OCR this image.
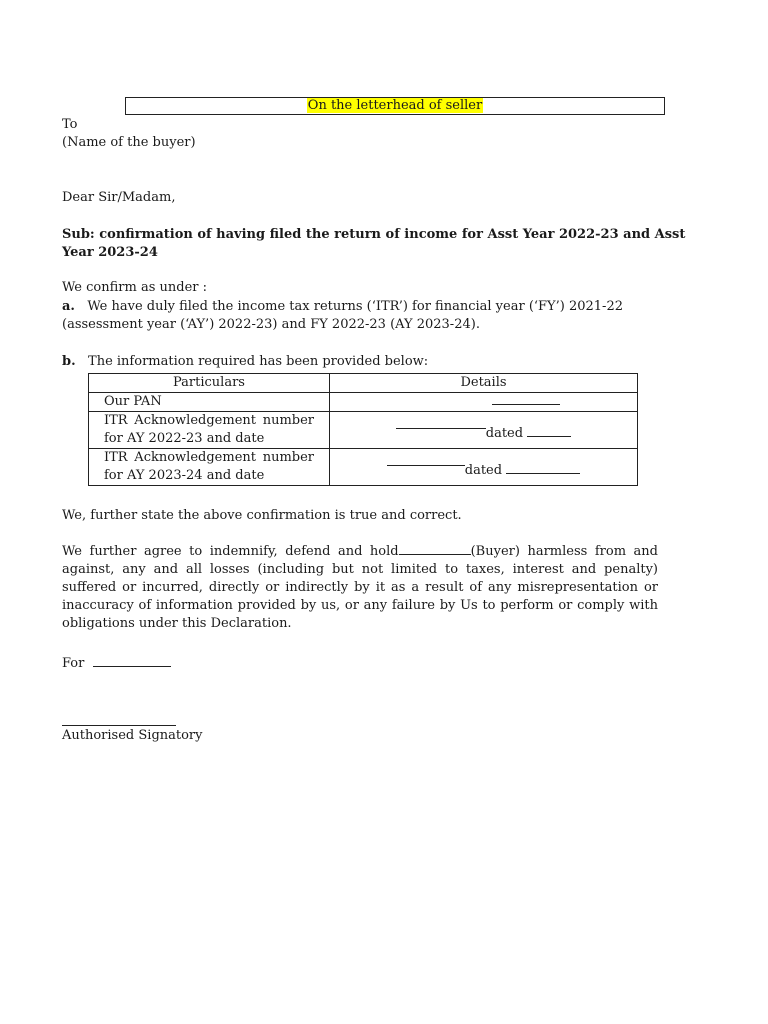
On the letterhead of seller
To
(Name of the buyer)
Dear Sir/Madam,
Sub: confirmation of having filed the return of income for Asst Year 2022-23 and Asst
Year 2023-24
We confirm as under :
a. We have duly filed the income tax returns (‘ITR’) for financial year (‘FY’) 2021-22
(assessment year (‘AY’) 2022-23) and FY 2022-23 (AY 2023-24).
b. The information required has been provided below:
Particulars	Details
Our PAN	

ITR Acknowledgement number
for AY 2022-23 and date	dated

ITR Acknowledgement number
for AY 2023-24 and date	dated
We, further state the above confirmation is true and correct.
We further agree to indemnify, defend and hold	(Buyer) harmless from and against, any and all losses (including but not limited to taxes, interest and penalty) suffered or incurred, directly or indirectly by it as a result of any misrepresentation or inaccuracy of information provided by us, or any failure by Us to perform or comply with obligations under this Declaration.
For
Authorised Signatory
